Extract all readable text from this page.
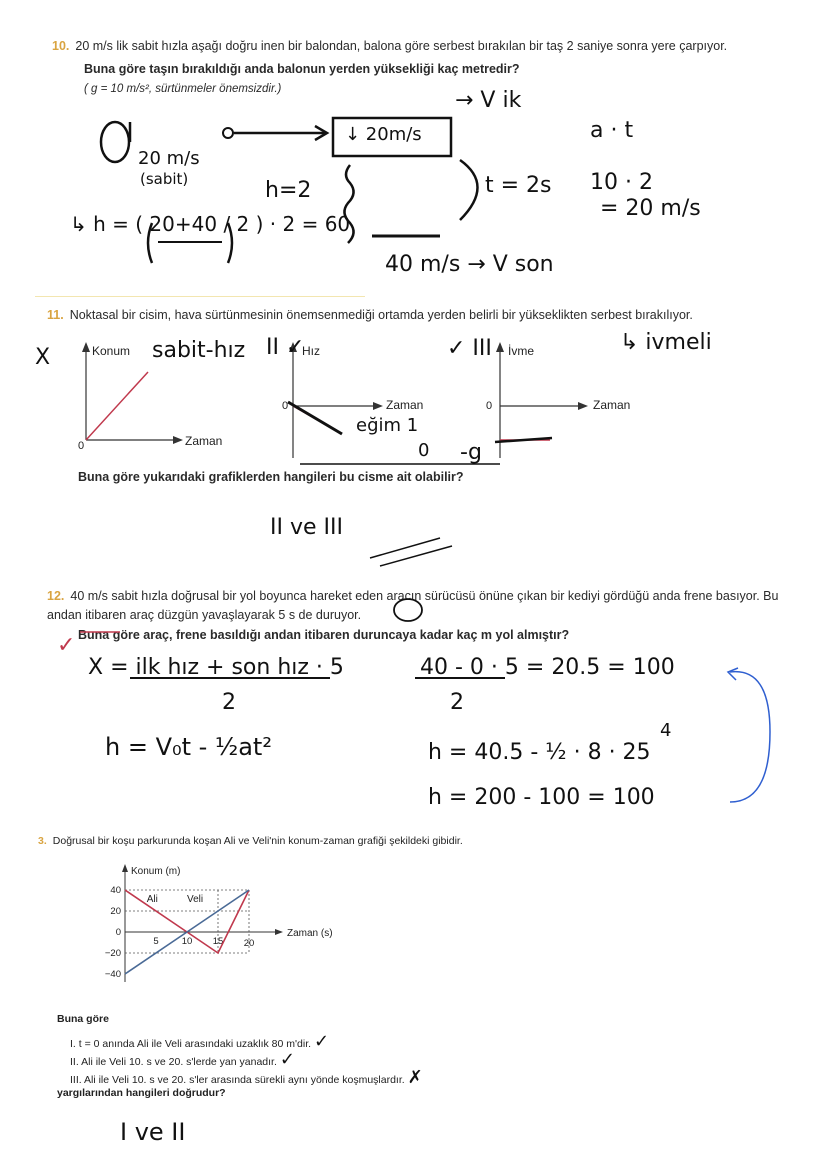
10. 20 m/s lik sabit hızla aşağı doğru inen bir balondan, balona göre serbest bırakılan bir taş 2 saniye sonra yere çarpıyor.
Buna göre taşın bırakıldığı anda balonun yerden yüksekliği kaç metredir?
( g = 10 m/s², sürtünmeler önemsizdir.)	→ V ik
↓ 20m/s
20 m/s
(sabit)	h=2
↳ h = ( 20+40 / 2 ) · 2 = 60
t = 2s
a · t
10 · 2
= 20 m/s
40 m/s → V son
11. Noktasal bir cisim, hava sürtünmesinin önemsenmediği ortamda yerden belirli bir yükseklikten serbest bırakılıyor.
Konum
Zaman
0
Hız
Zaman
0
İvme
Zaman
0
X	sabit-hız II ✓	✓ III	↳ ivmeli
eğim 1
0 -g
Buna göre yukarıdaki grafiklerden hangileri bu cisme ait olabilir?
II ve III
12. 40 m/s sabit hızla doğrusal bir yol boyunca hareket eden aracın sürücüsü önüne çıkan bir kediyi gördüğü anda frene basıyor. Bu andan itibaren araç düzgün yavaşlayarak 5 s de duruyor.
Buna göre araç, frene basıldığı andan itibaren duruncaya kadar kaç m yol almıştır?
✓
X = ilk hız + son hız · 5
2
40 - 0 · 5 = 20.5 = 100
2
h = V₀t - ½at²	h = 40.5 - ½ · 8 · 25
4
h = 200 - 100 = 100
3. Doğrusal bir koşu parkurunda koşan Ali ve Veli'nin konum-zaman grafiği şekildeki gibidir.
Konum (m)
Zaman (s)
40
20
0
−20
−40
5 10 15 20
Ali	Veli
Buna göre
I. t = 0 anında Ali ile Veli arasındaki uzaklık 80 m'dir. ✓
II. Ali ile Veli 10. s ve 20. s'lerde yan yanadır. ✓
III. Ali ile Veli 10. s ve 20. s'ler arasında sürekli aynı yönde koşmuşlardır. ✗
yargılarından hangileri doğrudur?
I ve II
